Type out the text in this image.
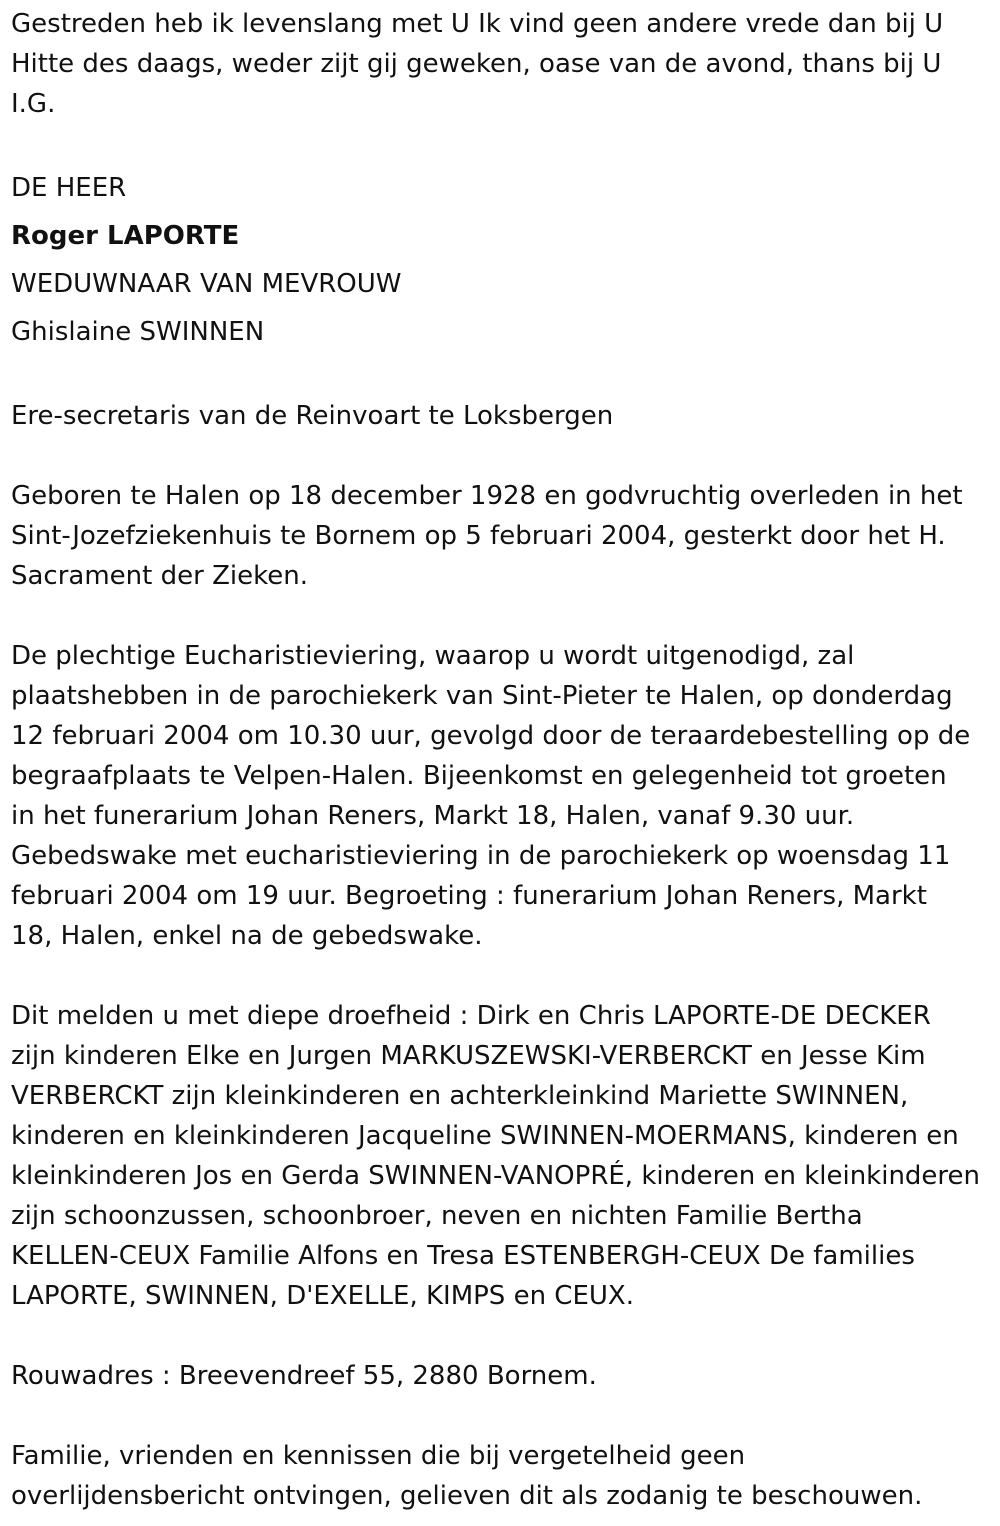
Gestreden heb ik levenslang met U Ik vind geen andere vrede dan bij U
Hitte des daags, weder zijt gij geweken, oase van de avond, thans bij U
I.G.

DE HEER

Roger LAPORTE

WEDUWNAAR VAN MEVROUW

Ghislaine SWINNEN

Ere-secretaris van de Reinvoart te Loksbergen

Geboren te Halen op 18 december 1928 en godvruchtig overleden in het
Sint-Jozefziekenhuis te Bornem op 5 februari 2004, gesterkt door het H.
Sacrament der Zieken.

De plechtige Eucharistieviering, waarop u wordt uitgenodigd, zal
plaatshebben in de parochiekerk van Sint-Pieter te Halen, op donderdag
12 februari 2004 om 10.30 uur, gevolgd door de teraardebestelling op de
begraafplaats te Velpen-Halen. Bijeenkomst en gelegenheid tot groeten
in het funerarium Johan Reners, Markt 18, Halen, vanaf 9.30 uur.
Gebedswake met eucharistieviering in de parochiekerk op woensdag 11
februari 2004 om 19 uur. Begroeting : funerarium Johan Reners, Markt
18, Halen, enkel na de gebedswake.

Dit melden u met diepe droefheid : Dirk en Chris LAPORTE-DE DECKER
zijn kinderen Elke en Jurgen MARKUSZEWSKI-VERBERCKT en Jesse Kim
VERBERCKT zijn kleinkinderen en achterkleinkind Mariette SWINNEN,
kinderen en kleinkinderen Jacqueline SWINNEN-MOERMANS, kinderen en
kleinkinderen Jos en Gerda SWINNEN-VANOPRÉ, kinderen en kleinkinderen
zijn schoonzussen, schoonbroer, neven en nichten Familie Bertha
KELLEN-CEUX Familie Alfons en Tresa ESTENBERGH-CEUX De families
LAPORTE, SWINNEN, D'EXELLE, KIMPS en CEUX.

Rouwadres : Breevendreef 55, 2880 Bornem.

Familie, vrienden en kennissen die bij vergetelheid geen
overlijdensbericht ontvingen, gelieven dit als zodanig te beschouwen.
